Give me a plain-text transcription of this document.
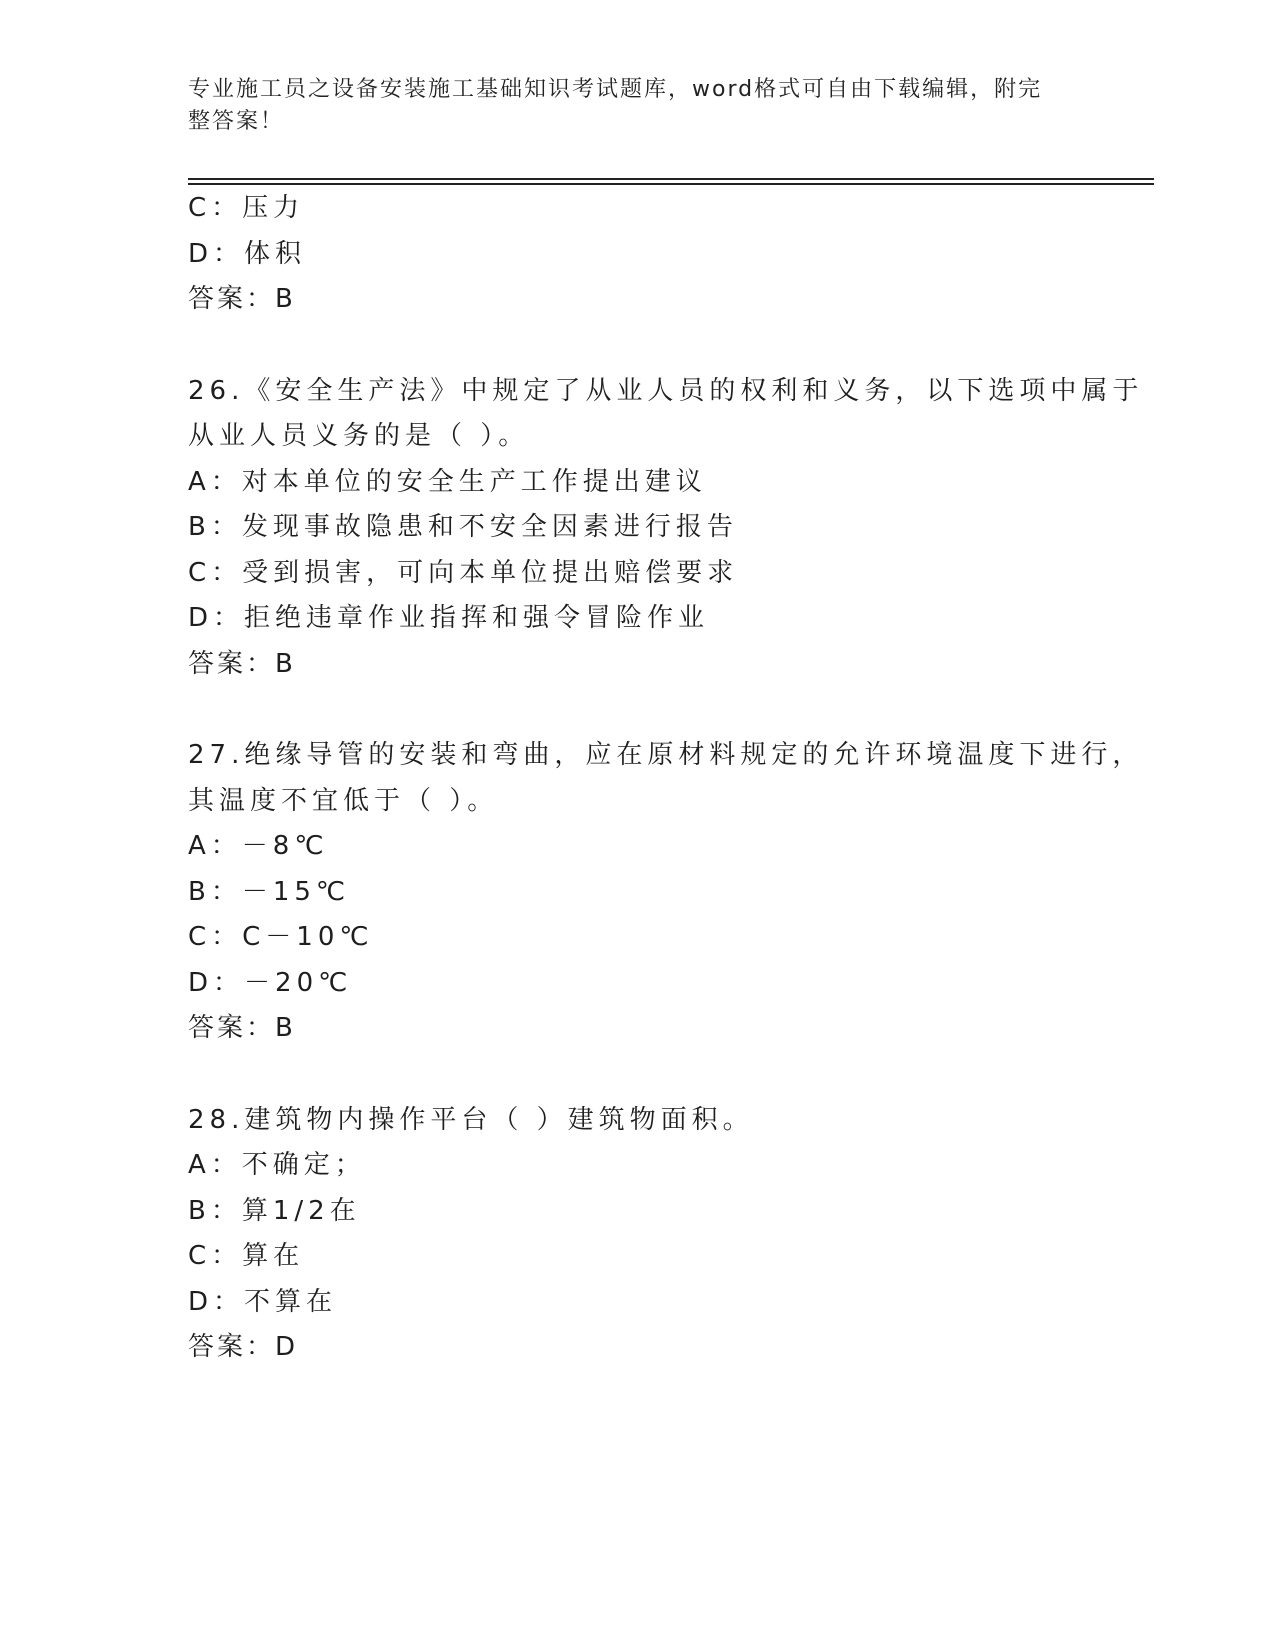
专业施工员之设备安装施工基础知识考试题库，word格式可自由下载编辑，附完
整答案！
C：压力
D：体积
答案：B
26.《安全生产法》中规定了从业人员的权利和义务，以下选项中属于
从业人员义务的是（ ）。
A：对本单位的安全生产工作提出建议
B：发现事故隐患和不安全因素进行报告
C：受到损害，可向本单位提出赔偿要求
D：拒绝违章作业指挥和强令冒险作业
答案：B
27.绝缘导管的安装和弯曲，应在原材料规定的允许环境温度下进行，
其温度不宜低于（ ）。
A：－8℃
B：－15℃
C：C－10℃
D：－20℃
答案：B
28.建筑物内操作平台（ ）建筑物面积。
A：不确定；
B：算1/2在
C：算在
D：不算在
答案：D
